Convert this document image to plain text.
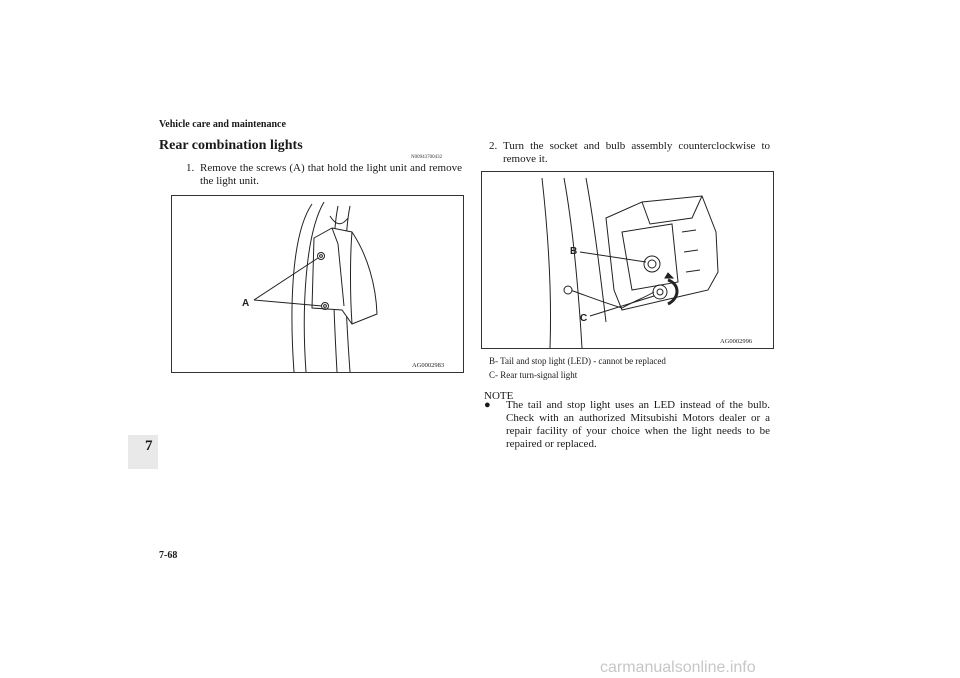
Vehicle care and maintenance
Rear combination lights
N00943700432
1. Remove the screws (A) that hold the light unit and remove the light unit.
A
AG0002983
2. Turn the socket and bulb assembly counterclockwise to remove it.
B
C
AG0002996
B- Tail and stop light (LED) - cannot be replaced
C- Rear turn-signal light
NOTE
●	The tail and stop light uses an LED instead of the bulb. Check with an authorized Mitsubishi Motors dealer or a repair facility of your choice when the light needs to be repaired or replaced.
7
7-68
carmanualsonline.info
